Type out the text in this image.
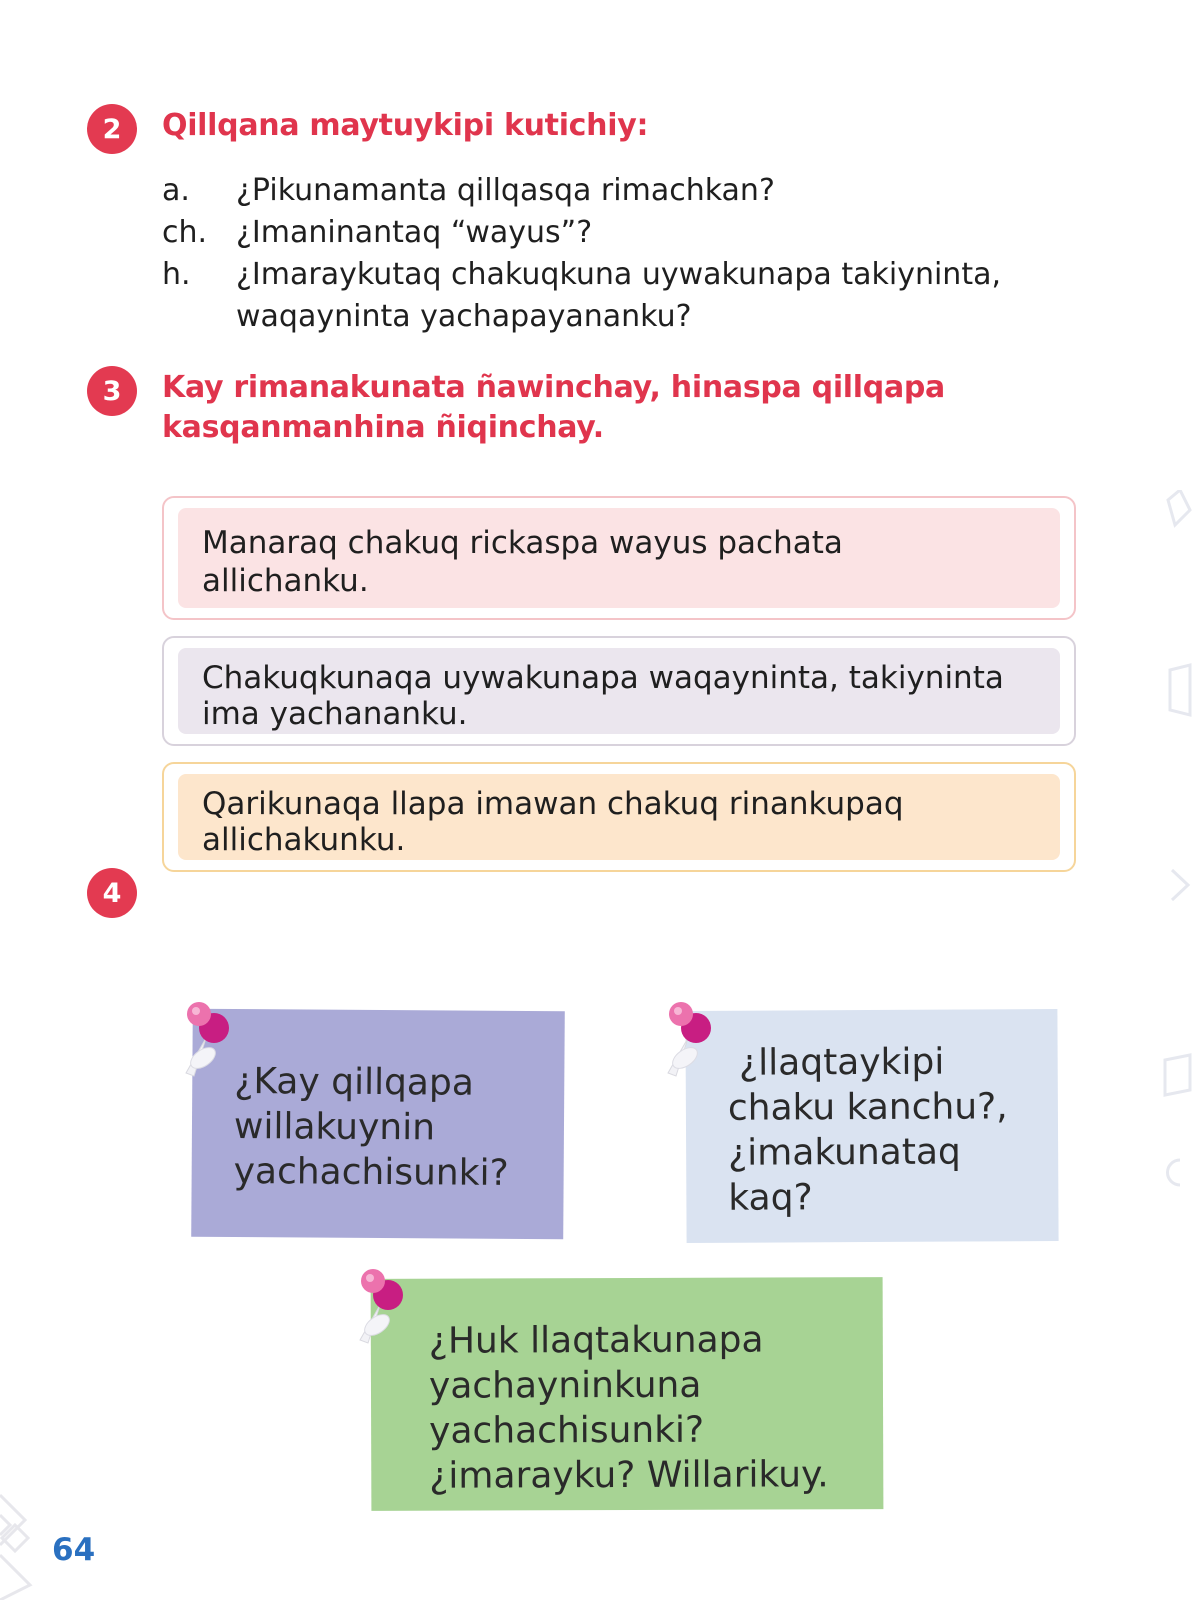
2	Qillqana maytuykipi kutichiy:
a.	¿Pikunamanta qillqasqa rimachkan?
ch. ¿Imaninantaq “wayus”?
h.	¿Imaraykutaq chakuqkuna uywakunapa takiyninta,
waqayninta yachapayananku?
3	Kay rimanakunata ñawinchay, hinaspa qillqapa
kasqanmanhina ñiqinchay.
Manaraq chakuq rickaspa wayus pachata
allichanku.
Chakuqkunaqa uywakunapa waqayninta, takiyninta
ima yachananku.
Qarikunaqa llapa imawan chakuq rinankupaq
allichakunku.
4
¿Kay qillqapa
willakuynin
yachachisunki?
¿llaqtaykipi
chaku kanchu?,
¿imakunataq
kaq?
¿Huk llaqtakunapa
yachayninkuna
yachachisunki?
¿imarayku? Willarikuy.
64
